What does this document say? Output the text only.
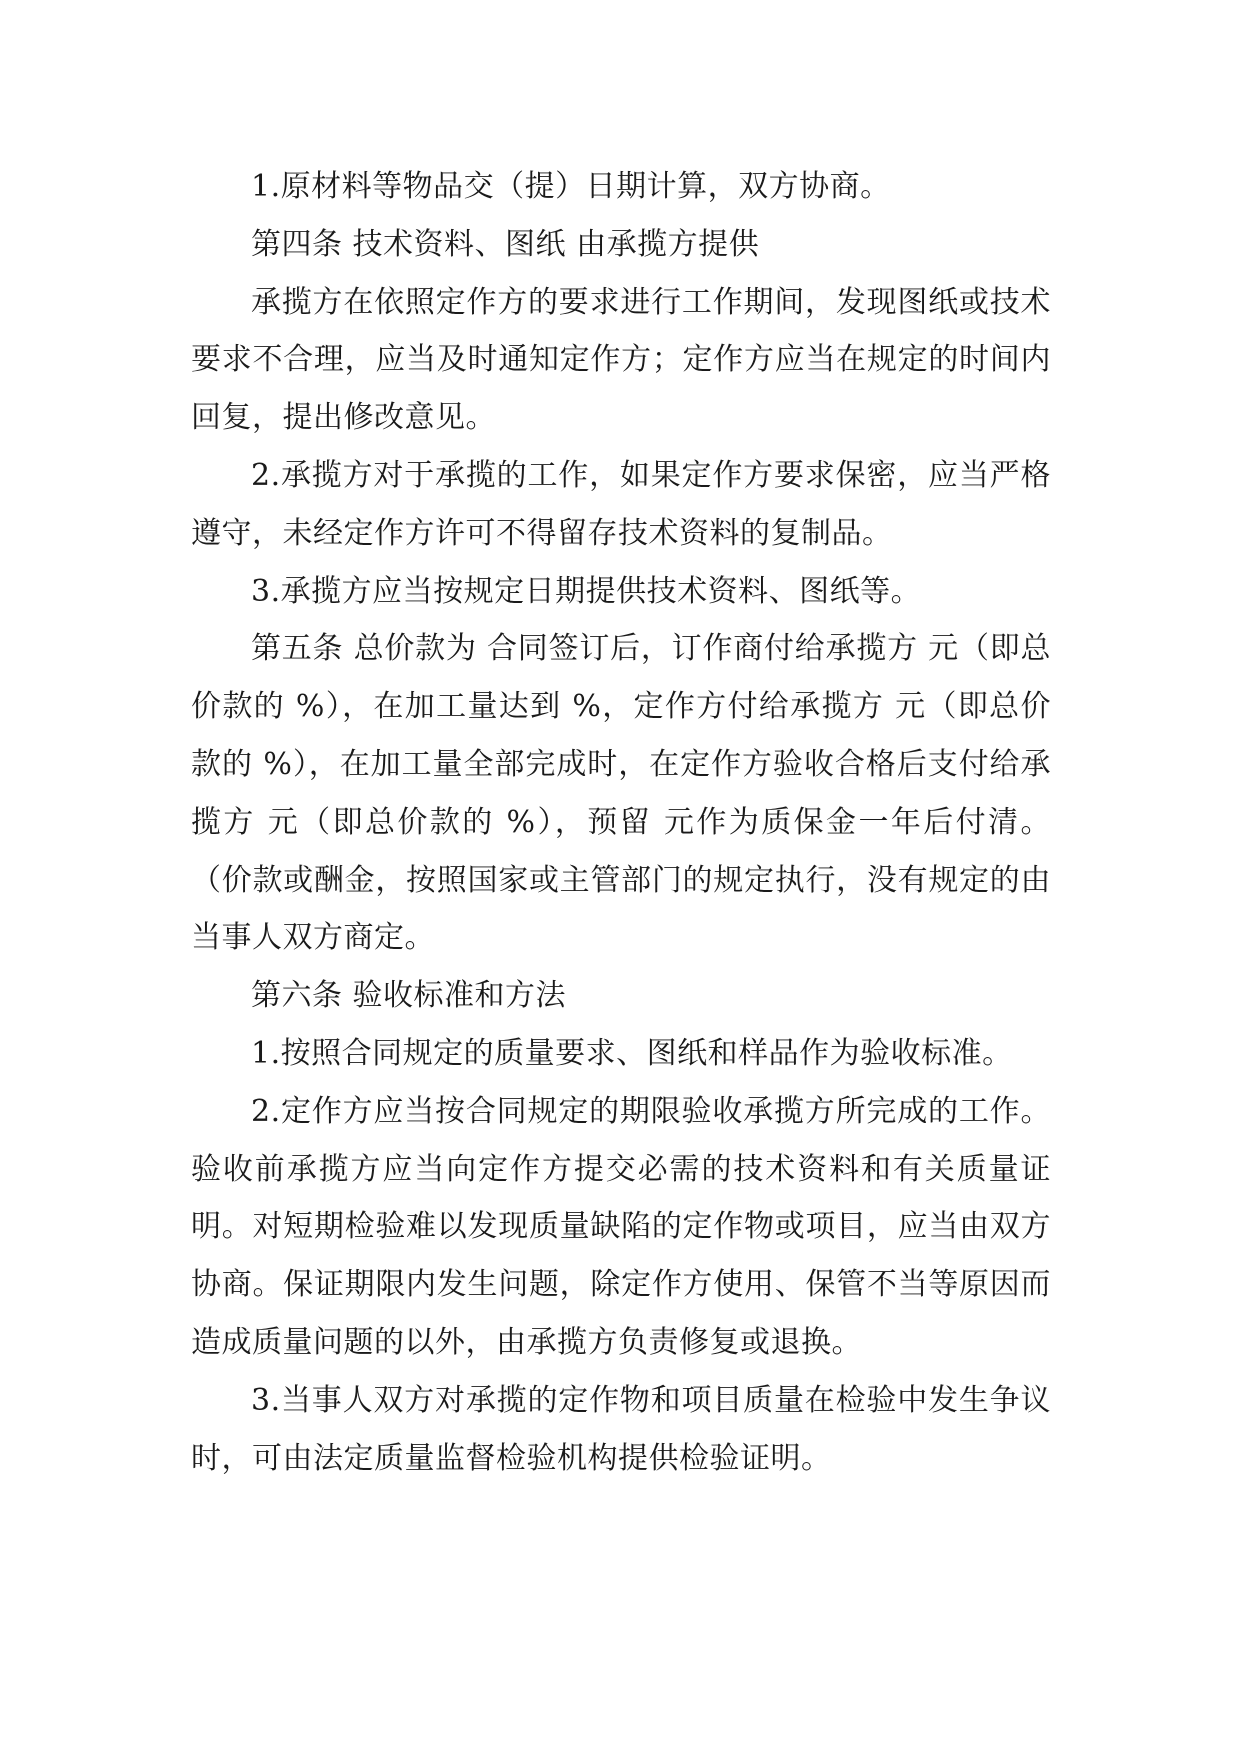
1.原材料等物品交（提）日期计算，双方协商。

第四条 技术资料、图纸 由承揽方提供

承揽方在依照定作方的要求进行工作期间，发现图纸或技术要求不合理，应当及时通知定作方；定作方应当在规定的时间内回复，提出修改意见。

2.承揽方对于承揽的工作，如果定作方要求保密，应当严格遵守，未经定作方许可不得留存技术资料的复制品。

3.承揽方应当按规定日期提供技术资料、图纸等。

第五条 总价款为 合同签订后，订作商付给承揽方 元（即总价款的 %），在加工量达到 %，定作方付给承揽方 元（即总价款的 %），在加工量全部完成时，在定作方验收合格后支付给承揽方 元（即总价款的 %），预留 元作为质保金一年后付清。 （价款或酬金，按照国家或主管部门的规定执行，没有规定的由当事人双方商定。

第六条 验收标准和方法

1.按照合同规定的质量要求、图纸和样品作为验收标准。

2.定作方应当按合同规定的期限验收承揽方所完成的工作。验收前承揽方应当向定作方提交必需的技术资料和有关质量证明。对短期检验难以发现质量缺陷的定作物或项目，应当由双方协商。保证期限内发生问题，除定作方使用、保管不当等原因而造成质量问题的以外，由承揽方负责修复或退换。

3.当事人双方对承揽的定作物和项目质量在检验中发生争议时，可由法定质量监督检验机构提供检验证明。
